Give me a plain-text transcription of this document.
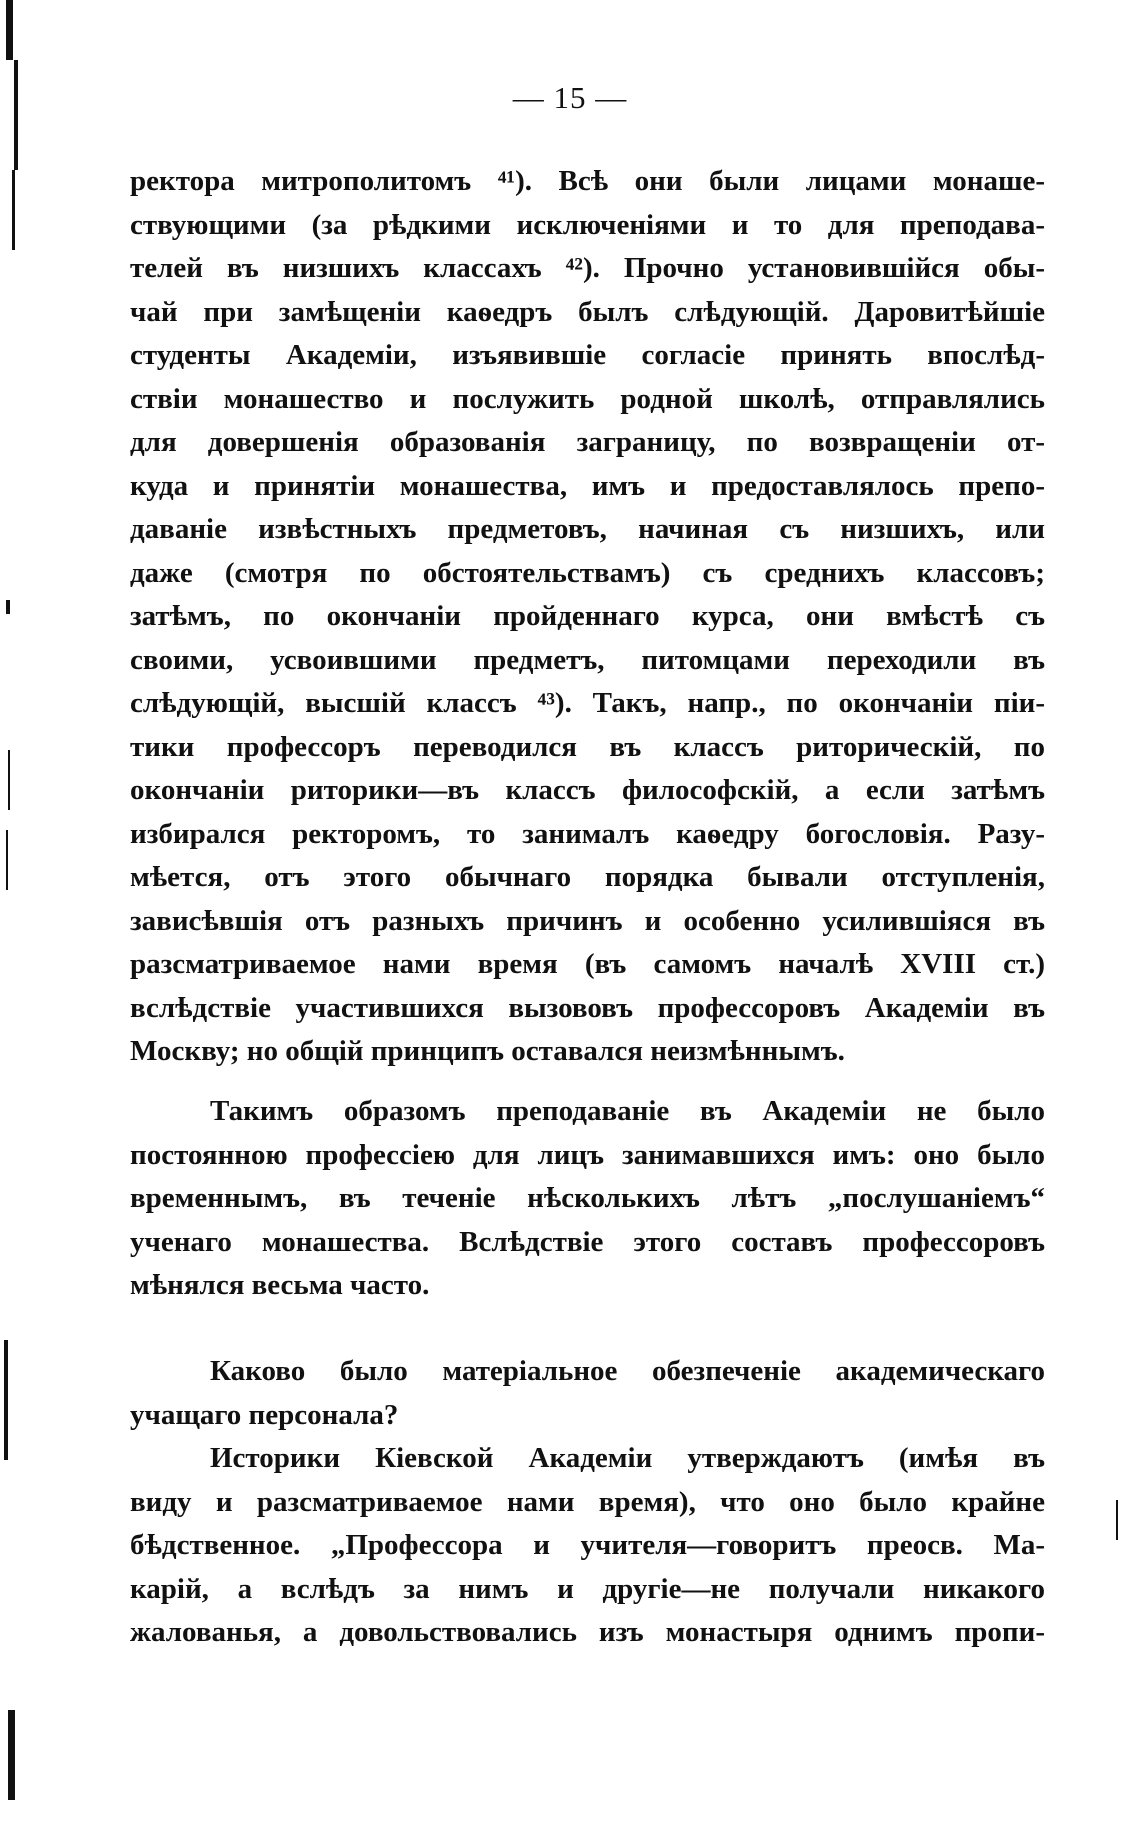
— 15 —
ректора митрополитомъ ⁴¹). Всѣ они были лицами монаше-
ствующими (за рѣдкими исключеніями и то для преподава-
телей въ низшихъ классахъ ⁴²). Прочно установившійся обы-
чай при замѣщеніи каѳедръ былъ слѣдующій. Даровитѣйшіе
студенты Академіи, изъявившіе согласіе принять впослѣд-
ствіи монашество и послужить родной школѣ, отправлялись
для довершенія образованія заграницу, по возвращеніи от-
куда и принятіи монашества, имъ и предоставлялось препо-
даваніе извѣстныхъ предметовъ, начиная съ низшихъ, или
даже (смотря по обстоятельствамъ) съ среднихъ классовъ;
затѣмъ, по окончаніи пройденнаго курса, они вмѣстѣ съ
своими, усвоившими предметъ, питомцами переходили въ
слѣдующій, высшій классъ ⁴³). Такъ, напр., по окончаніи пiи-
тики профессоръ переводился въ классъ риторическій, по
окончаніи риторики—въ классъ философскій, а если затѣмъ
избирался ректоромъ, то занималъ каѳедру богословія. Разу-
мѣется, отъ этого обычнаго порядка бывали отступленія,
зависѣвшія отъ разныхъ причинъ и особенно усилившіяся въ
разсматриваемое нами время (въ самомъ началѣ XVIII ст.)
вслѣдствіе участившихся вызововъ профессоровъ Академіи въ
Москву; но общій принципъ оставался неизмѣннымъ.
Такимъ образомъ преподаваніе въ Академіи не было
постоянною профессіею для лицъ занимавшихся имъ: оно было
временнымъ, въ теченіе нѣсколькихъ лѣтъ „послушаніемъ“
ученаго монашества. Вслѣдствіе этого составъ профессоровъ
мѣнялся весьма часто.
Каково было матеріальное обезпеченіе академическаго
учащаго персонала?
Историки Кіевской Академіи утверждаютъ (имѣя въ
виду и разсматриваемое нами время), что оно было крайне
бѣдственное. „Профессора и учителя—говоритъ преосв. Ма-
карій, а вслѣдъ за нимъ и другіе—не получали никакого
жалованья, а довольствовались изъ монастыря однимъ пропи-
